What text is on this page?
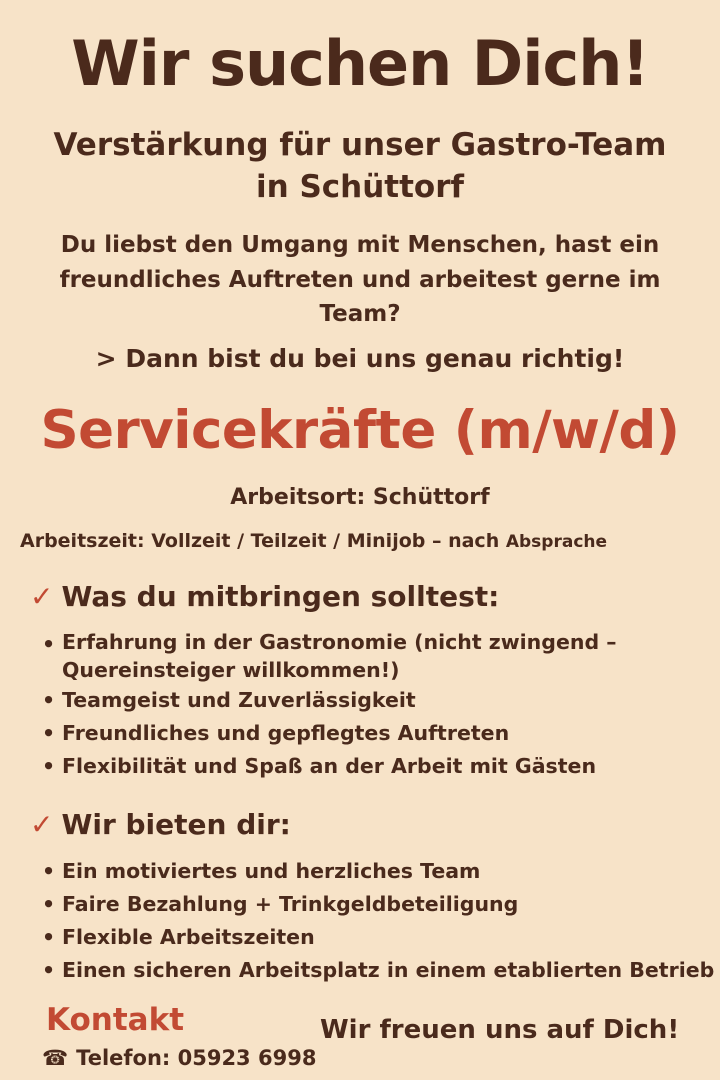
Wir suchen Dich!
Verstärkung für unser Gastro-Team
in Schüttorf
Du liebst den Umgang mit Menschen, hast ein freundliches Auftreten und arbeitest gerne im Team?
> Dann bist du bei uns genau richtig!
Servicekräfte (m/w/d)
Arbeitsort: Schüttorf
Arbeitszeit: Vollzeit / Teilzeit / Minijob – nach Absprache
✓ Was du mitbringen solltest:
• Erfahrung in der Gastronomie (nicht zwingend – Quereinsteiger willkommen!)
• Teamgeist und Zuverlässigkeit
• Freundliches und gepflegtes Auftreten
• Flexibilität und Spaß an der Arbeit mit Gästen
✓ Wir bieten dir:
• Ein motiviertes und herzliches Team
• Faire Bezahlung + Trinkgeldbeteiligung
• Flexible Arbeitszeiten
• Einen sicheren Arbeitsplatz in einem etablierten Betrieb
Kontakt
☎ Telefon: 05923 6998
Wir freuen uns auf Dich!
